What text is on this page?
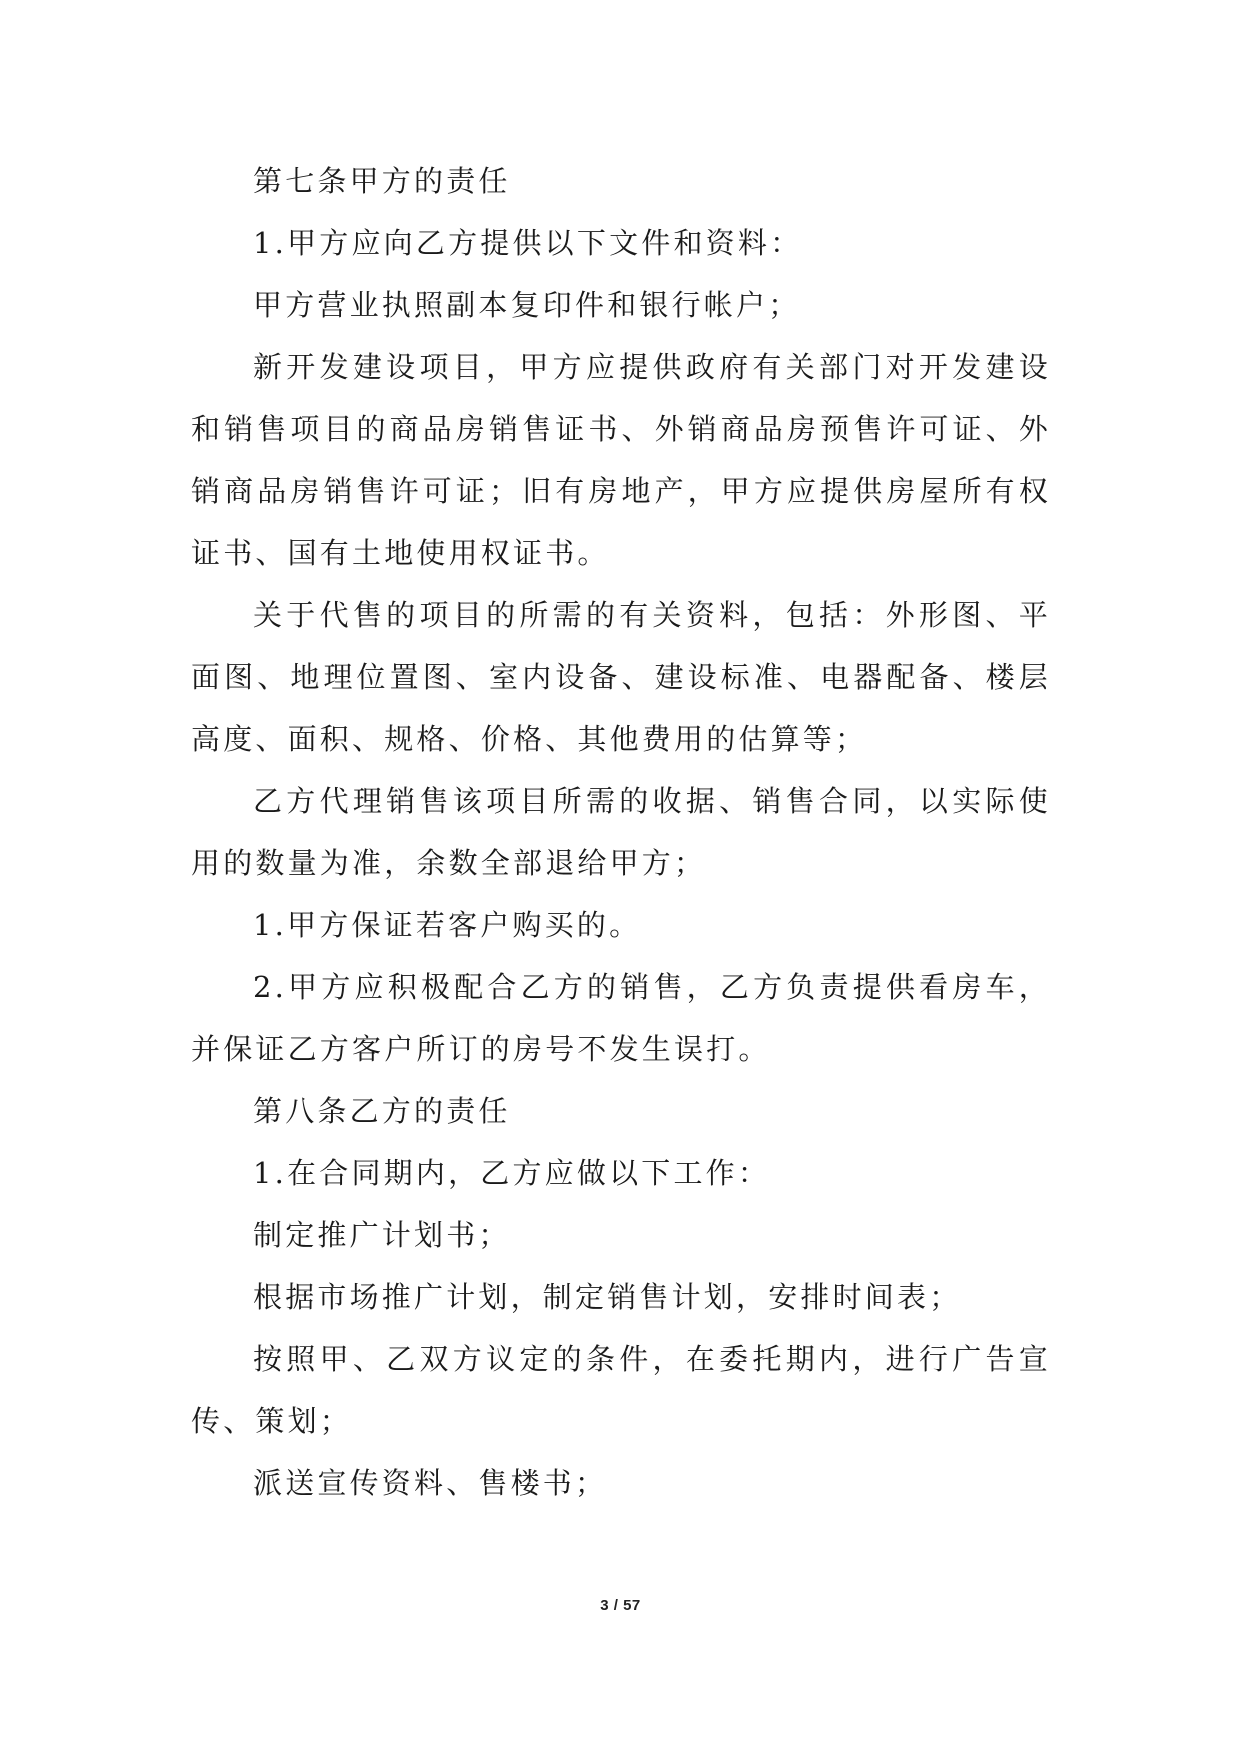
第七条甲方的责任

1.甲方应向乙方提供以下文件和资料：

甲方营业执照副本复印件和银行帐户；

新开发建设项目，甲方应提供政府有关部门对开发建设和销售项目的商品房销售证书、外销商品房预售许可证、外销商品房销售许可证；旧有房地产，甲方应提供房屋所有权证书、国有土地使用权证书。

关于代售的项目的所需的有关资料，包括：外形图、平面图、地理位置图、室内设备、建设标准、电器配备、楼层高度、面积、规格、价格、其他费用的估算等；

乙方代理销售该项目所需的收据、销售合同，以实际使用的数量为准，余数全部退给甲方；

1.甲方保证若客户购买的。

2.甲方应积极配合乙方的销售，乙方负责提供看房车，并保证乙方客户所订的房号不发生误打。

第八条乙方的责任

1.在合同期内，乙方应做以下工作：

制定推广计划书；

根据市场推广计划，制定销售计划，安排时间表；

按照甲、乙双方议定的条件，在委托期内，进行广告宣传、策划；

派送宣传资料、售楼书；

3 / 57
